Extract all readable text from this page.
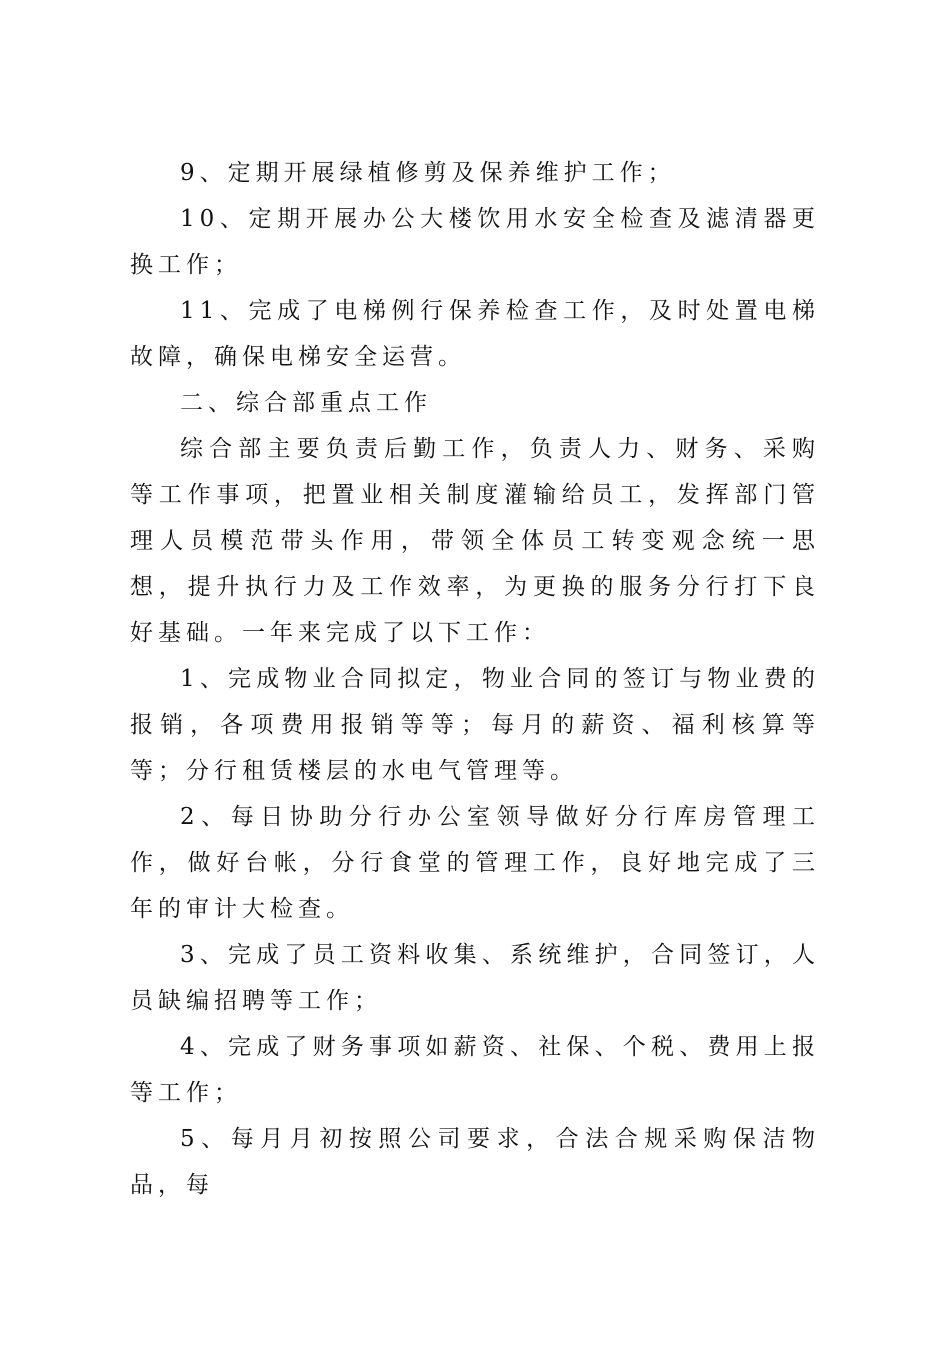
9、定期开展绿植修剪及保养维护工作；

10、定期开展办公大楼饮用水安全检查及滤清器更换工作；

11、完成了电梯例行保养检查工作，及时处置电梯故障，确保电梯安全运营。

二、综合部重点工作

综合部主要负责后勤工作，负责人力、财务、采购等工作事项，把置业相关制度灌输给员工，发挥部门管理人员模范带头作用，带领全体员工转变观念统一思想，提升执行力及工作效率，为更换的服务分行打下良好基础。一年来完成了以下工作：

1、完成物业合同拟定，物业合同的签订与物业费的报销，各项费用报销等等；每月的薪资、福利核算等等；分行租赁楼层的水电气管理等。

2、每日协助分行办公室领导做好分行库房管理工作，做好台帐，分行食堂的管理工作，良好地完成了三年的审计大检查。

3、完成了员工资料收集、系统维护，合同签订，人员缺编招聘等工作；

4、完成了财务事项如薪资、社保、个税、费用上报等工作；

5、每月月初按照公司要求，合法合规采购保洁物品，每
